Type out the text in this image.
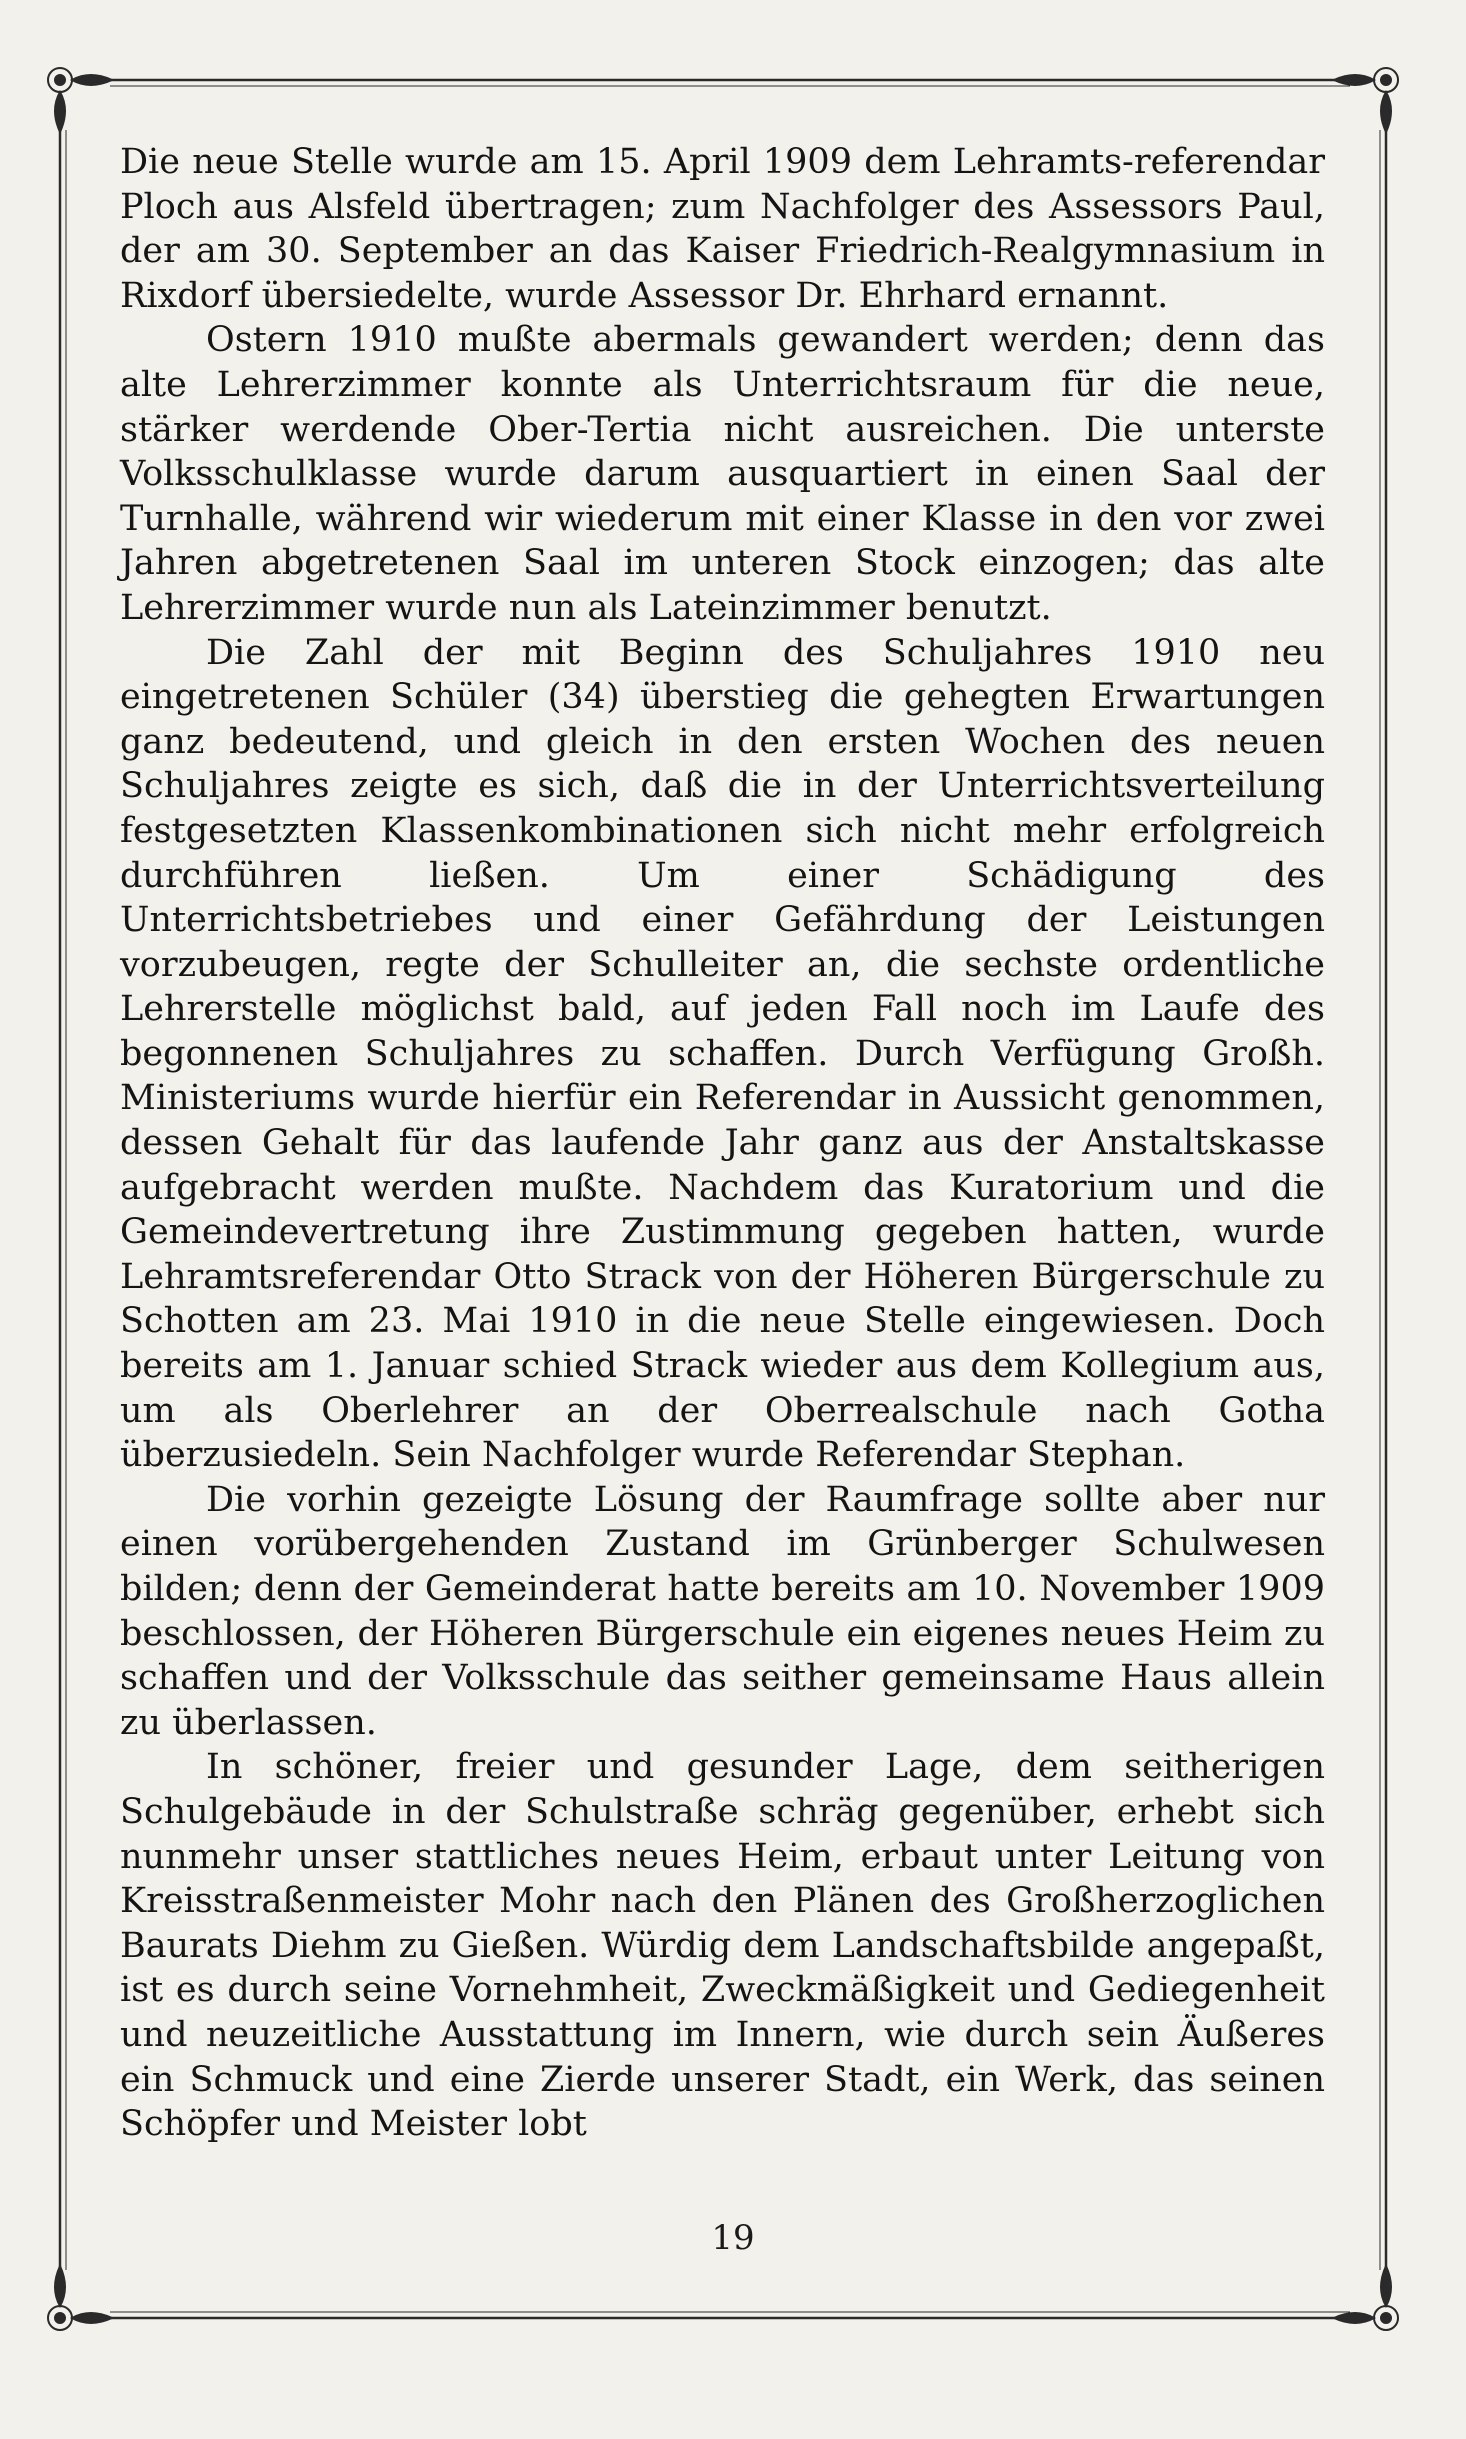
Die neue Stelle wurde am 15. April 1909 dem Lehramts-referendar Ploch aus Alsfeld übertragen; zum Nachfolger des Assessors Paul, der am 30. September an das Kaiser Friedrich-Realgymnasium in Rixdorf übersiedelte, wurde Assessor Dr. Ehrhard ernannt.

Ostern 1910 mußte abermals gewandert werden; denn das alte Lehrerzimmer konnte als Unterrichtsraum für die neue, stärker werdende Ober-Tertia nicht ausreichen. Die unterste Volksschulklasse wurde darum ausquartiert in einen Saal der Turnhalle, während wir wiederum mit einer Klasse in den vor zwei Jahren abgetretenen Saal im unteren Stock einzogen; das alte Lehrerzimmer wurde nun als Lateinzimmer benutzt.

Die Zahl der mit Beginn des Schuljahres 1910 neu eingetretenen Schüler (34) überstieg die gehegten Erwartungen ganz bedeutend, und gleich in den ersten Wochen des neuen Schuljahres zeigte es sich, daß die in der Unterrichtsverteilung festgesetzten Klassenkombinationen sich nicht mehr erfolgreich durchführen ließen. Um einer Schädigung des Unterrichtsbetriebes und einer Gefährdung der Leistungen vorzubeugen, regte der Schulleiter an, die sechste ordentliche Lehrerstelle möglichst bald, auf jeden Fall noch im Laufe des begonnenen Schuljahres zu schaffen. Durch Verfügung Großh. Ministeriums wurde hierfür ein Referendar in Aussicht genommen, dessen Gehalt für das laufende Jahr ganz aus der Anstaltskasse aufgebracht werden mußte. Nachdem das Kuratorium und die Gemeindevertretung ihre Zustimmung gegeben hatten, wurde Lehramtsreferendar Otto Strack von der Höheren Bürgerschule zu Schotten am 23. Mai 1910 in die neue Stelle eingewiesen. Doch bereits am 1. Januar schied Strack wieder aus dem Kollegium aus, um als Oberlehrer an der Oberrealschule nach Gotha überzusiedeln. Sein Nachfolger wurde Referendar Stephan.

Die vorhin gezeigte Lösung der Raumfrage sollte aber nur einen vorübergehenden Zustand im Grünberger Schulwesen bilden; denn der Gemeinderat hatte bereits am 10. November 1909 beschlossen, der Höheren Bürgerschule ein eigenes neues Heim zu schaffen und der Volksschule das seither gemeinsame Haus allein zu überlassen.

In schöner, freier und gesunder Lage, dem seitherigen Schulgebäude in der Schulstraße schräg gegenüber, erhebt sich nunmehr unser stattliches neues Heim, erbaut unter Leitung von Kreisstraßenmeister Mohr nach den Plänen des Großherzoglichen Baurats Diehm zu Gießen. Würdig dem Landschaftsbilde angepaßt, ist es durch seine Vornehmheit, Zweckmäßigkeit und Gediegenheit und neuzeitliche Ausstattung im Innern, wie durch sein Äußeres ein Schmuck und eine Zierde unserer Stadt, ein Werk, das seinen Schöpfer und Meister lobt

19
